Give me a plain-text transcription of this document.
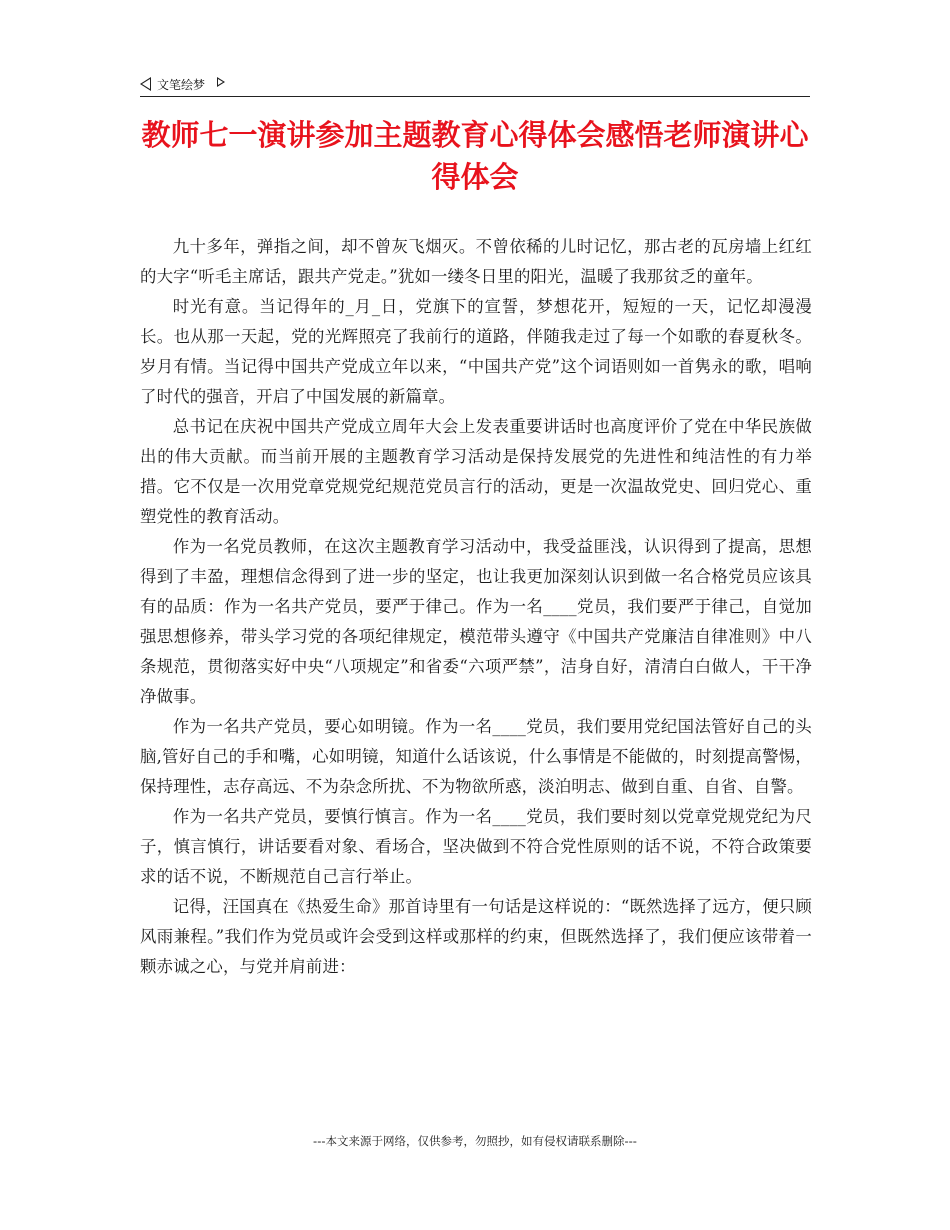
文笔绘梦
教师七一演讲参加主题教育心得体会感悟老师演讲心得体会

九十多年，弹指之间，却不曾灰飞烟灭。不曾依稀的儿时记忆，那古老的瓦房墙上红红的大字“听毛主席话，跟共产党走。”犹如一缕冬日里的阳光，温暖了我那贫乏的童年。

时光有意。当记得年的_月_日，党旗下的宣誓，梦想花开，短短的一天，记忆却漫漫长。也从那一天起，党的光辉照亮了我前行的道路，伴随我走过了每一个如歌的春夏秋冬。岁月有情。当记得中国共产党成立年以来，“中国共产党”这个词语则如一首隽永的歌，唱响了时代的强音，开启了中国发展的新篇章。

总书记在庆祝中国共产党成立周年大会上发表重要讲话时也高度评价了党在中华民族做出的伟大贡献。而当前开展的主题教育学习活动是保持发展党的先进性和纯洁性的有力举措。它不仅是一次用党章党规党纪规范党员言行的活动，更是一次温故党史、回归党心、重塑党性的教育活动。

作为一名党员教师，在这次主题教育学习活动中，我受益匪浅，认识得到了提高，思想得到了丰盈，理想信念得到了进一步的坚定，也让我更加深刻认识到做一名合格党员应该具有的品质：作为一名共产党员，要严于律己。作为一名____党员，我们要严于律己，自觉加强思想修养，带头学习党的各项纪律规定，模范带头遵守《中国共产党廉洁自律准则》中八条规范，贯彻落实好中央“八项规定”和省委“六项严禁”，洁身自好，清清白白做人，干干净净做事。

作为一名共产党员，要心如明镜。作为一名____党员，我们要用党纪国法管好自己的头脑,管好自己的手和嘴，心如明镜，知道什么话该说，什么事情是不能做的，时刻提高警惕，保持理性，志存高远、不为杂念所扰、不为物欲所惑，淡泊明志、做到自重、自省、自警。

作为一名共产党员，要慎行慎言。作为一名____党员，我们要时刻以党章党规党纪为尺子，慎言慎行，讲话要看对象、看场合，坚决做到不符合党性原则的话不说，不符合政策要求的话不说，不断规范自己言行举止。

记得，汪国真在《热爱生命》那首诗里有一句话是这样说的：“既然选择了远方，便只顾风雨兼程。”我们作为党员或许会受到这样或那样的约束，但既然选择了，我们便应该带着一颗赤诚之心，与党并肩前进：

---本文来源于网络，仅供参考，勿照抄，如有侵权请联系删除---
